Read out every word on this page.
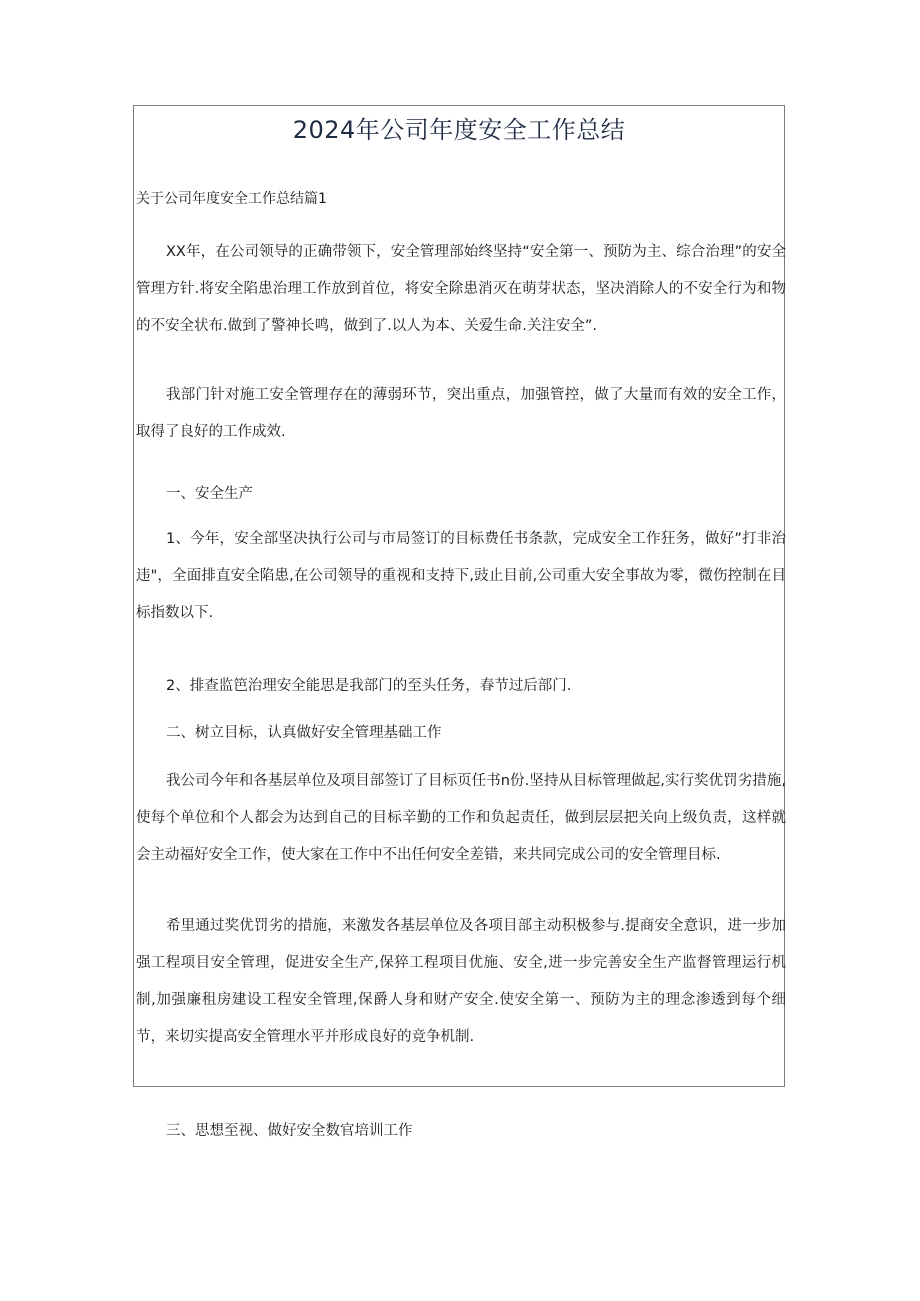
2024年公司年度安全工作总结
关于公司年度安全工作总结篇1

XX年，在公司领导的正确带领下，安全管理部始终坚持“安全第一、预防为主、综合治理”的安全管理方针.将安全陷患治理工作放到首位，将安全除患消灭在萌芽状态，坚决消除人的不安全行为和物的不安全状布.做到了警神长鸣，做到了.以人为本、关爱生命.关注安全”.

我部门针对施工安全管理存在的薄弱环节，突出重点，加强管控，做了大量而有效的安全工作，取得了良好的工作成效.

一、安全生产

1、今年，安全部坚决执行公司与市局签订的目标费任书条款，完成安全工作狂务，做好”打非治违"，全面排直安全陷患,在公司领导的重视和支持下,豉止目前,公司重大安全事故为零，微伤控制在目标指数以下.

2、排查监笆治理安全能思是我部门的至头任务，春节过后部门.

二、树立目标，认真做好安全管理基础工作

我公司今年和各基层单位及项目部签订了目标页任书n份.坚持从目标管理做起,实行奖优罚劣措施,使每个单位和个人都会为达到自己的目标辛勤的工作和负起责任，做到层层把关向上级负责，这样就会主动福好安全工作，使大家在工作中不出任何安全差错，来共同完成公司的安全管理目标.

希里通过奖优罚劣的措施，来激发各基层单位及各项目部主动积极参与.提商安全意识，进一步加强工程项目安全管理，促进安全生产,保猝工程项目优施、安全,进一步完善安全生产监督管理运行机制,加强廉租房建设工程安全管理,保爵人身和财产安全.使安全第一、预防为主的理念渗透到每个细节，来切实提高安全管理水平并形成良好的竞争机制.

三、思想至视、做好安全数官培训工作
